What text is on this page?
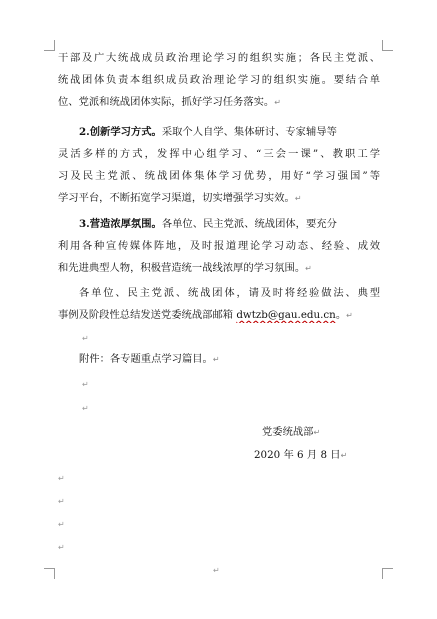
干部及广大统战成员政治理论学习的组织实施；各民主党派、
统战团体负责本组织成员政治理论学习的组织实施。要结合单
位、党派和统战团体实际，抓好学习任务落实。↵
2.创新学习方式。采取个人自学、集体研讨、专家辅导等
灵活多样的方式，发挥中心组学习、“三会一课”、教职工学
习及民主党派、统战团体集体学习优势，用好“学习强国”等
学习平台，不断拓宽学习渠道，切实增强学习实效。↵
3.营造浓厚氛围。各单位、民主党派、统战团体，要充分
利用各种宣传媒体阵地，及时报道理论学习动态、经验、成效
和先进典型人物，积极营造统一战线浓厚的学习氛围。↵
各单位、民主党派、统战团体，请及时将经验做法、典型
事例及阶段性总结发送党委统战部邮箱 dwtzb@gau.edu.cn。↵
↵
附件：各专题重点学习篇目。↵
↵
↵
党委统战部↵
2020 年 6 月 8 日↵
↵
↵
↵
↵
↵
